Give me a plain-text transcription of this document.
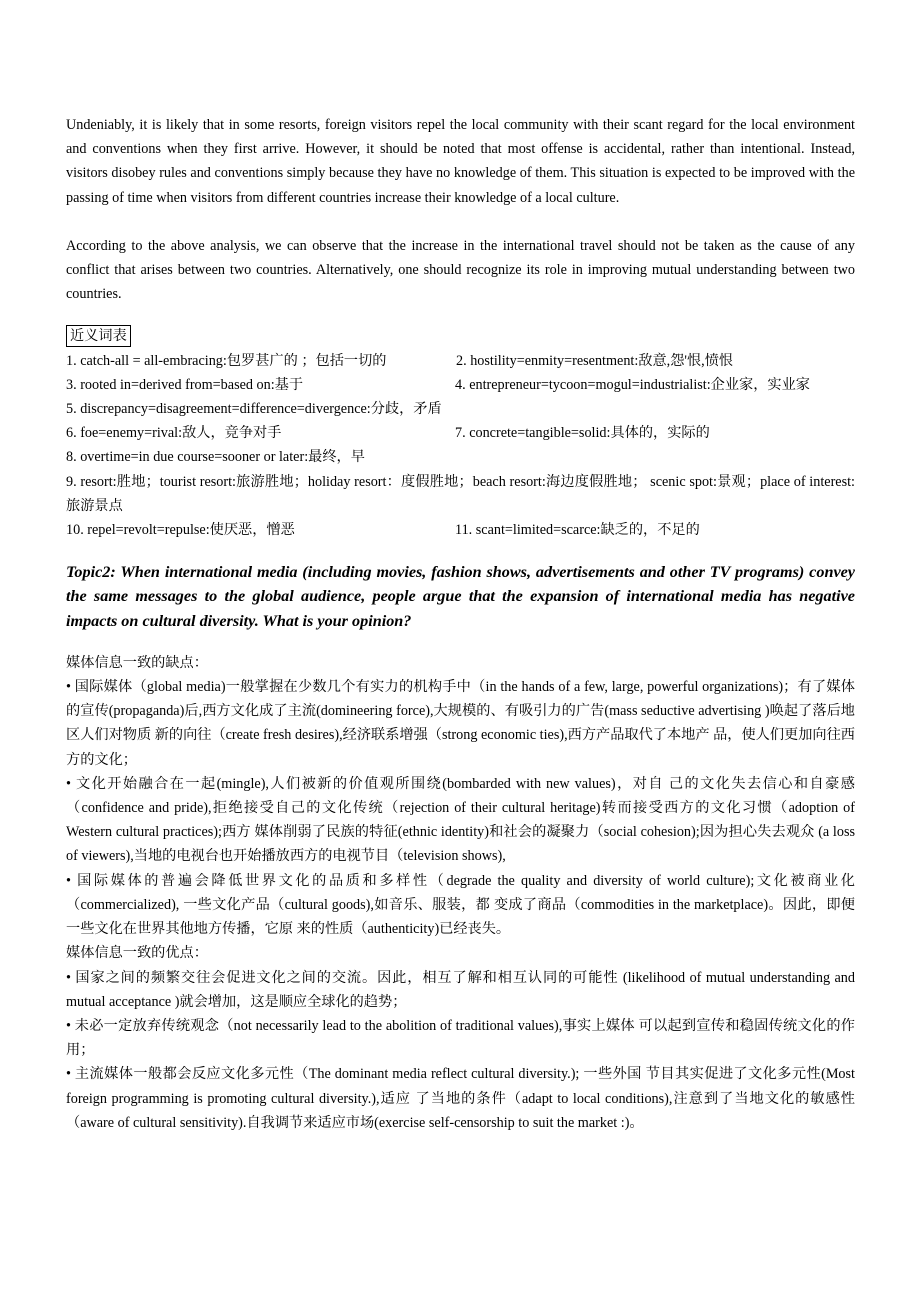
Undeniably, it is likely that in some resorts, foreign visitors repel the local community with their scant regard for the local environment and conventions when they first arrive. However, it should be noted that most offense is accidental, rather than intentional. Instead, visitors disobey rules and conventions simply because they have no knowledge of them. This situation is expected to be improved with the passing of time when visitors from different countries increase their knowledge of a local culture.

According to the above analysis, we can observe that the increase in the international travel should not be taken as the cause of any conflict that arises between two countries. Alternatively, one should recognize its role in improving mutual understanding between two countries.

近义词表
1. catch-all = all-embracing:包罗甚广的 ；包括一切的	2. hostility=enmity=resentment:敌意,怨'恨,愤恨
3. rooted in=derived from=based on:基于	4. entrepreneur=tycoon=mogul=industrialist:企业家，实业家

5. discrepancy=disagreement=difference=divergence:分歧，矛盾

6. foe=enemy=rival:敌人，竞争对手	7. concrete=tangible=solid:具体的，实际的

8. overtime=in due course=sooner or later:最终，早

9. resort:胜地；tourist resort:旅游胜地；holiday resort：度假胜地；beach resort:海边度假胜地； scenic spot:景观；place of interest: 旅游景点

10. repel=revolt=repulse:使厌恶，憎恶	11. scant=limited=scarce:缺乏的，不足的

Topic2: When international media (including movies, fashion shows, advertisements and other TV programs) convey the same messages to the global audience, people argue that the expansion of international media has negative impacts on cultural diversity. What is your opinion?

媒体信息一致的缺点：

• 国际媒体（global media)一般掌握在少数几个有实力的机构手中（in the hands of a few, large, powerful organizations)；有了媒体的宣传(propaganda)后,西方文化成了主流(domineering force),大规模的、有吸引力的广告(mass seductive advertising )唤起了落后地区人们对物质 新的向往（create fresh desires),经济联系增强（strong economic ties),西方产品取代了本地产 品，使人们更加向往西方的文化；

• 文化开始融合在一起(mingle),人们被新的价值观所围绕(bombarded with new values)，对自 己的文化失去信心和自豪感（confidence and pride),拒绝接受自己的文化传统（rejection of their cultural heritage)转而接受西方的文化习惯（adoption of Western cultural practices);西方 媒体削弱了民族的特征(ethnic identity)和社会的凝聚力（social cohesion);因为担心失去观众 (a loss of viewers),当地的电视台也开始播放西方的电视节目（television shows),

• 国际媒体的普遍会降低世界文化的品质和多样性（degrade the quality and diversity of world culture);文化被商业化（commercialized), 一些文化产品（cultural goods),如音乐、服装，都 变成了商品（commodities in the marketplace)。因此，即便一些文化在世界其他地方传播，它原 来的性质（authenticity)已经丧失。

媒体信息一致的优点：

• 国家之间的频繁交往会促进文化之间的交流。因此，相互了解和相互认同的可能性 (likelihood of mutual understanding and mutual acceptance )就会增加，这是顺应全球化的趋势；

• 未必一定放弃传统观念（not necessarily lead to the abolition of traditional values),事实上媒体 可以起到宣传和稳固传统文化的作用；

• 主流媒体一般都会反应文化多元性（The dominant media reflect cultural diversity.); 一些外国 节目其实促进了文化多元性(Most foreign programming is promoting cultural diversity.),适应 了当地的条件（adapt to local conditions),注意到了当地文化的敏感性（aware of cultural sensitivity).自我调节来适应市场(exercise self-censorship to suit the market :)。
